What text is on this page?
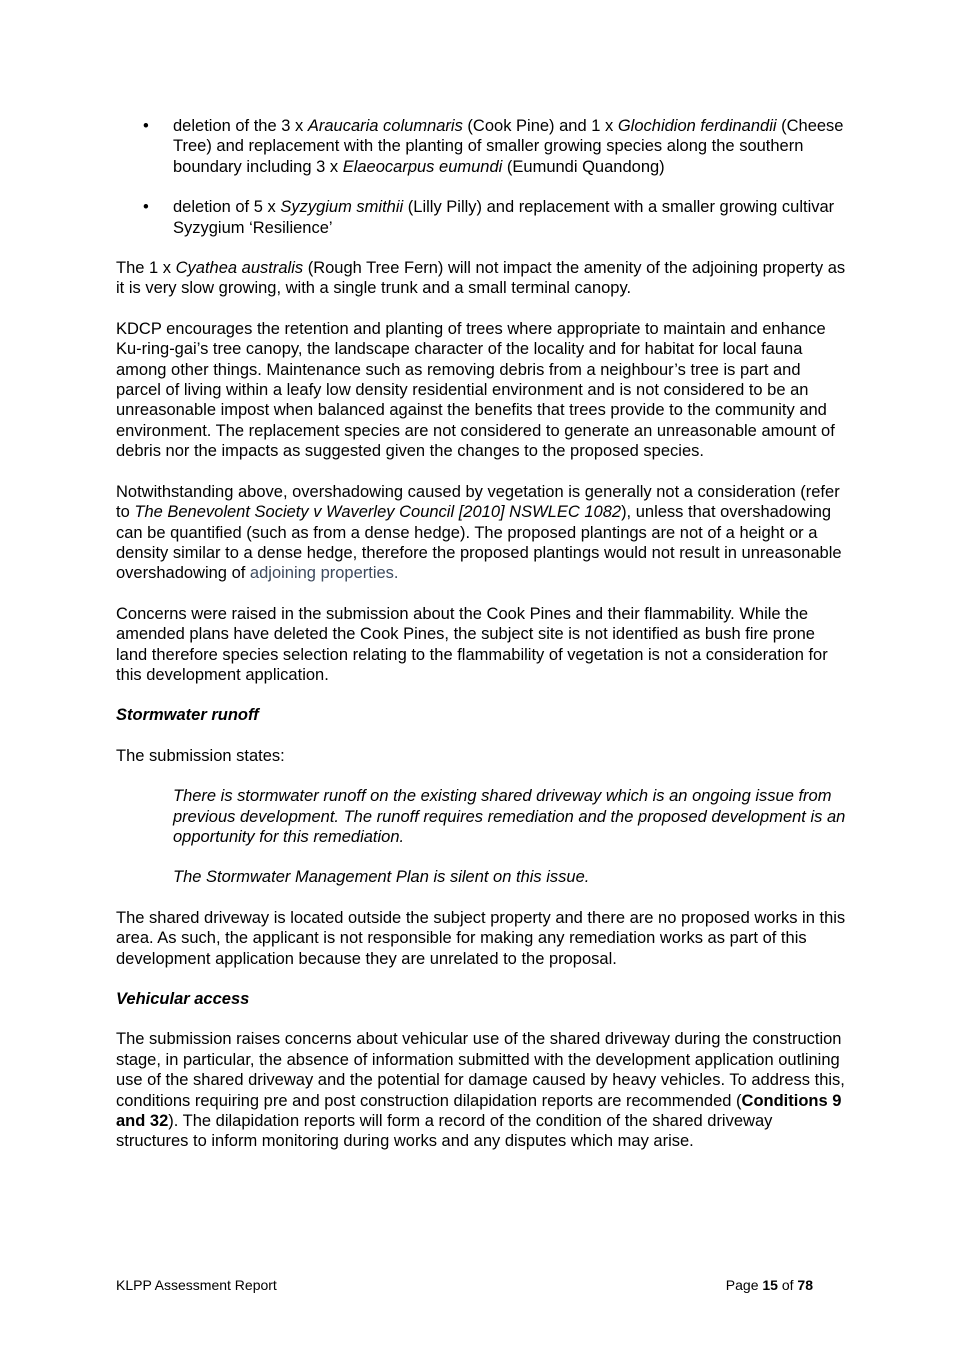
• deletion of the 3 x Araucaria columnaris (Cook Pine) and 1 x Glochidion ferdinandii (Cheese Tree) and replacement with the planting of smaller growing species along the southern boundary including 3 x Elaeocarpus eumundi (Eumundi Quandong)
• deletion of 5 x Syzygium smithii (Lilly Pilly) and replacement with a smaller growing cultivar Syzygium ‘Resilience’

The 1 x Cyathea australis (Rough Tree Fern) will not impact the amenity of the adjoining property as it is very slow growing, with a single trunk and a small terminal canopy.

KDCP encourages the retention and planting of trees where appropriate to maintain and enhance Ku-ring-gai’s tree canopy, the landscape character of the locality and for habitat for local fauna among other things. Maintenance such as removing debris from a neighbour’s tree is part and parcel of living within a leafy low density residential environment and is not considered to be an unreasonable impost when balanced against the benefits that trees provide to the community and environment. The replacement species are not considered to generate an unreasonable amount of debris nor the impacts as suggested given the changes to the proposed species.

Notwithstanding above, overshadowing caused by vegetation is generally not a consideration (refer to The Benevolent Society v Waverley Council [2010] NSWLEC 1082), unless that overshadowing can be quantified (such as from a dense hedge). The proposed plantings are not of a height or a density similar to a dense hedge, therefore the proposed plantings would not result in unreasonable overshadowing of adjoining properties.

Concerns were raised in the submission about the Cook Pines and their flammability. While the amended plans have deleted the Cook Pines, the subject site is not identified as bush fire prone land therefore species selection relating to the flammability of vegetation is not a consideration for this development application.

Stormwater runoff

The submission states:

There is stormwater runoff on the existing shared driveway which is an ongoing issue from previous development. The runoff requires remediation and the proposed development is an opportunity for this remediation.

The Stormwater Management Plan is silent on this issue.

The shared driveway is located outside the subject property and there are no proposed works in this area. As such, the applicant is not responsible for making any remediation works as part of this development application because they are unrelated to the proposal.

Vehicular access

The submission raises concerns about vehicular use of the shared driveway during the construction stage, in particular, the absence of information submitted with the development application outlining use of the shared driveway and the potential for damage caused by heavy vehicles. To address this, conditions requiring pre and post construction dilapidation reports are recommended (Conditions 9 and 32). The dilapidation reports will form a record of the condition of the shared driveway structures to inform monitoring during works and any disputes which may arise.

KLPP Assessment Report	Page 15 of 78
